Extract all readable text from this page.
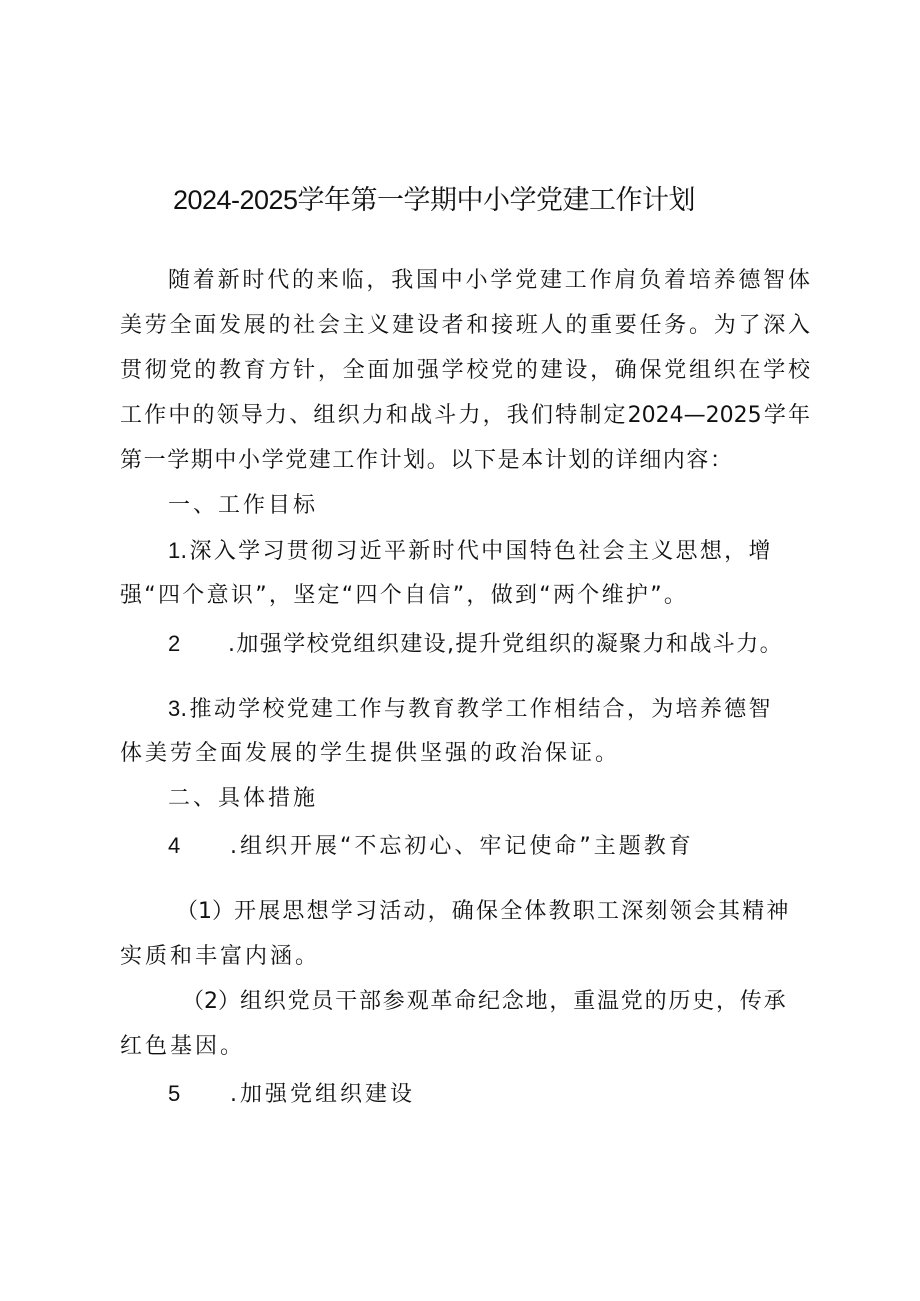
2024-2025学年第一学期中小学党建工作计划
随着新时代的来临，我国中小学党建工作肩负着培养德智体
美劳全面发展的社会主义建设者和接班人的重要任务。为了深入
贯彻党的教育方针，全面加强学校党的建设，确保党组织在学校
工作中的领导力、组织力和战斗力，我们特制定2024—2025学年
第一学期中小学党建工作计划。以下是本计划的详细内容：
一、工作目标
1.深入学习贯彻习近平新时代中国特色社会主义思想，增
强“四个意识”，坚定“四个自信”，做到“两个维护”。
2 .加强学校党组织建设,提升党组织的凝聚力和战斗力。
3.推动学校党建工作与教育教学工作相结合，为培养德智
体美劳全面发展的学生提供坚强的政治保证。
二、具体措施
4 .组织开展“不忘初心、牢记使命”主题教育
（1）开展思想学习活动，确保全体教职工深刻领会其精神
实质和丰富内涵。
（2）组织党员干部参观革命纪念地，重温党的历史，传承
红色基因。
5 .加强党组织建设
